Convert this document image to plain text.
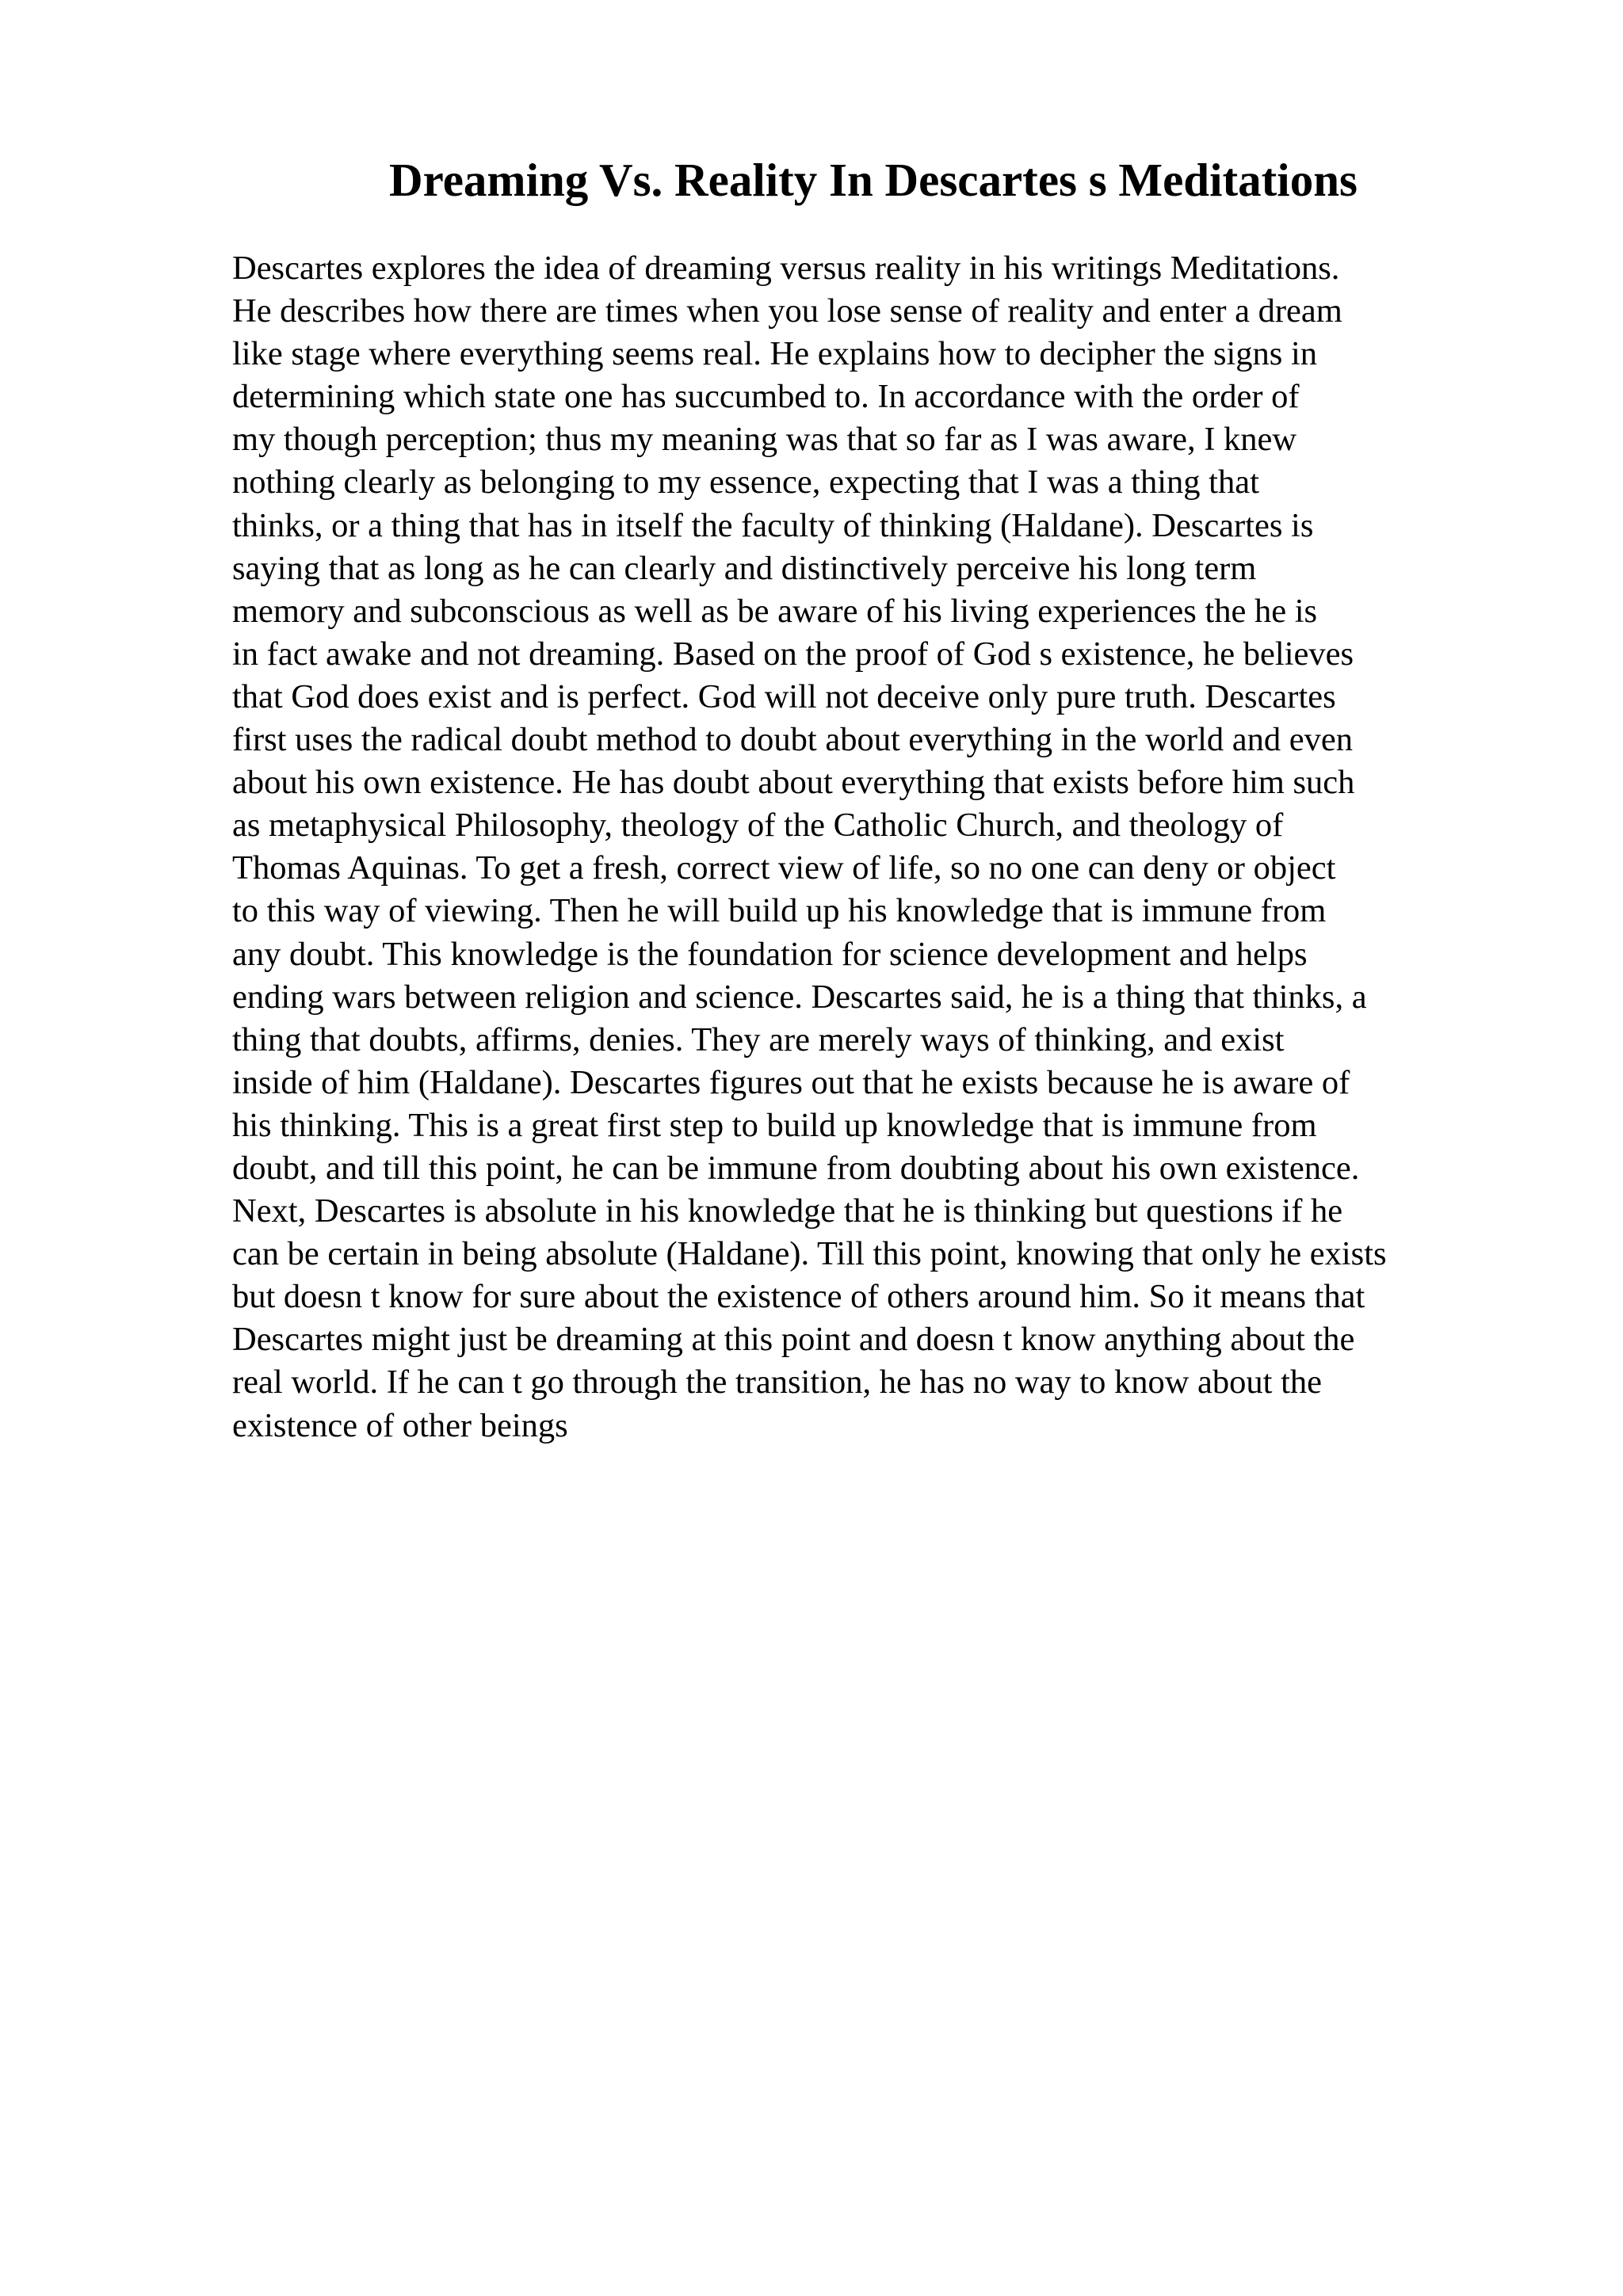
Dreaming Vs. Reality In Descartes s Meditations
Descartes explores the idea of dreaming versus reality in his writings Meditations.
He describes how there are times when you lose sense of reality and enter a dream
like stage where everything seems real. He explains how to decipher the signs in
determining which state one has succumbed to. In accordance with the order of
my though perception; thus my meaning was that so far as I was aware, I knew
nothing clearly as belonging to my essence, expecting that I was a thing that
thinks, or a thing that has in itself the faculty of thinking (Haldane). Descartes is
saying that as long as he can clearly and distinctively perceive his long term
memory and subconscious as well as be aware of his living experiences the he is
in fact awake and not dreaming. Based on the proof of God s existence, he believes
that God does exist and is perfect. God will not deceive only pure truth. Descartes
first uses the radical doubt method to doubt about everything in the world and even
about his own existence. He has doubt about everything that exists before him such
as metaphysical Philosophy, theology of the Catholic Church, and theology of
Thomas Aquinas. To get a fresh, correct view of life, so no one can deny or object
to this way of viewing. Then he will build up his knowledge that is immune from
any doubt. This knowledge is the foundation for science development and helps
ending wars between religion and science. Descartes said, he is a thing that thinks, a
thing that doubts, affirms, denies. They are merely ways of thinking, and exist
inside of him (Haldane). Descartes figures out that he exists because he is aware of
his thinking. This is a great first step to build up knowledge that is immune from
doubt, and till this point, he can be immune from doubting about his own existence.
Next, Descartes is absolute in his knowledge that he is thinking but questions if he
can be certain in being absolute (Haldane). Till this point, knowing that only he exists
but doesn t know for sure about the existence of others around him. So it means that
Descartes might just be dreaming at this point and doesn t know anything about the
real world. If he can t go through the transition, he has no way to know about the
existence of other beings
